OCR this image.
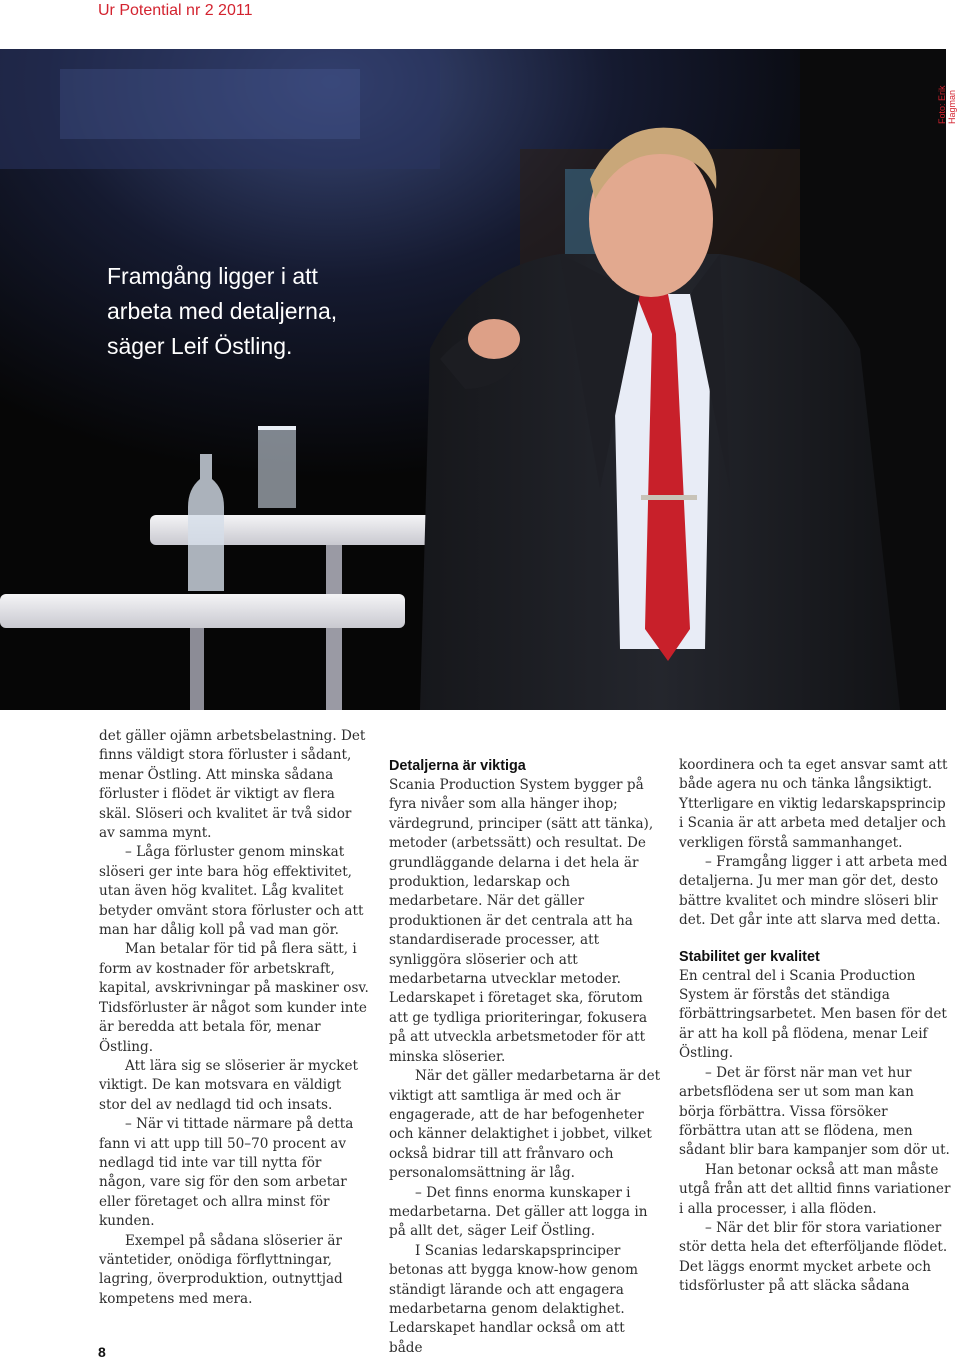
Ur Potential nr 2 2011

Framgång ligger i att
arbeta med detaljerna,
säger Leif Östling.

Foto: Erik Hagman

det gäller ojämn arbetsbelastning. Det finns väldigt stora förluster i sådant, menar Östling. Att minska sådana förluster i flödet är viktigt av flera skäl. Slöseri och kvalitet är två sidor av samma mynt.

– Låga förluster genom minskat slöseri ger inte bara hög effektivitet, utan även hög kvalitet. Låg kvalitet betyder omvänt stora förluster och att man har dålig koll på vad man gör.

Man betalar för tid på flera sätt, i form av kostnader för arbetskraft, kapital, avskrivningar på maskiner osv. Tidsförluster är något som kunder inte är beredda att betala för, menar Östling.

Att lära sig se slöserier är mycket viktigt. De kan motsvara en väldigt stor del av nedlagd tid och insats.

– När vi tittade närmare på detta fann vi att upp till 50–70 procent av nedlagd tid inte var till nytta för någon, vare sig för den som arbetar eller företaget och allra minst för kunden.

Exempel på sådana slöserier är väntetider, onödiga förflyttningar, lagring, överproduktion, outnyttjad kompetens med mera.

Detaljerna är viktiga

Scania Production System bygger på fyra nivåer som alla hänger ihop; värdegrund, principer (sätt att tänka), metoder (arbetssätt) och resultat. De grundläggande delarna i det hela är produktion, ledarskap och medarbetare. När det gäller produktionen är det centrala att ha standardiserade processer, att synliggöra slöserier och att medarbetarna utvecklar metoder. Ledarskapet i företaget ska, förutom att ge tydliga prioriteringar, fokusera på att utveckla arbetsmetoder för att minska slöserier.

När det gäller medarbetarna är det viktigt att samtliga är med och är engagerade, att de har befogenheter och känner delaktighet i jobbet, vilket också bidrar till att frånvaro och personalomsättning är låg.

– Det finns enorma kunskaper i medarbetarna. Det gäller att logga in på allt det, säger Leif Östling.

I Scanias ledarskapsprinciper betonas att bygga know-how genom ständigt lärande och att engagera medarbetarna genom delaktighet. Ledarskapet handlar också om att både

koordinera och ta eget ansvar samt att både agera nu och tänka långsiktigt. Ytterligare en viktig ledarskapsprincip i Scania är att arbeta med detaljer och verkligen förstå sammanhanget.

– Framgång ligger i att arbeta med detaljerna. Ju mer man gör det, desto bättre kvalitet och mindre slöseri blir det. Det går inte att slarva med detta.

Stabilitet ger kvalitet

En central del i Scania Production System är förstås det ständiga förbättringsarbetet. Men basen för det är att ha koll på flödena, menar Leif Östling.

– Det är först när man vet hur arbetsflödena ser ut som man kan börja förbättra. Vissa försöker förbättra utan att se flödena, men sådant blir bara kampanjer som dör ut.

Han betonar också att man måste utgå från att det alltid finns variationer i alla processer, i alla flöden.

– När det blir för stora variationer stör detta hela det efterföljande flödet. Det läggs enormt mycket arbete och tidsförluster på att släcka sådana

8
